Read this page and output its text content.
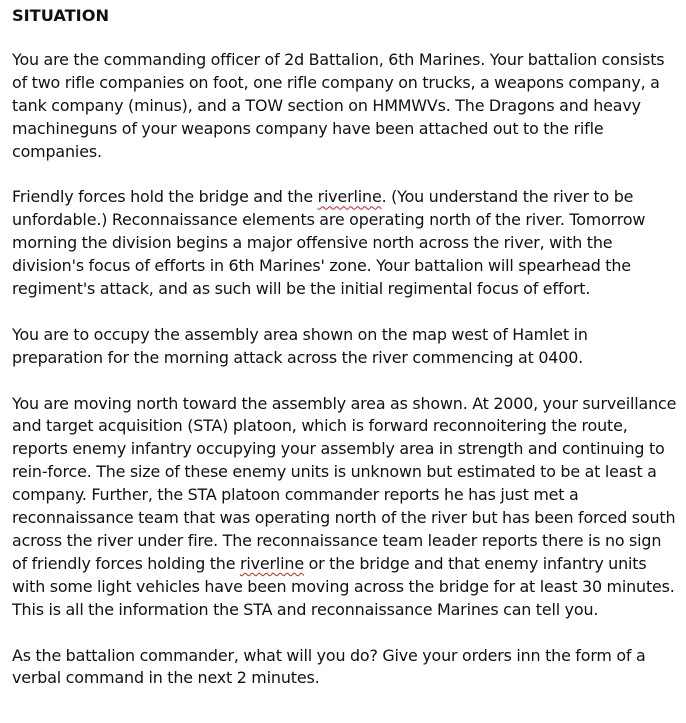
SITUATION

You are the commanding officer of 2d Battalion, 6th Marines. Your battalion consists of two rifle companies on foot, one rifle company on trucks, a weapons company, a tank company (minus), and a TOW section on HMMWVs. The Dragons and heavy machineguns of your weapons company have been attached out to the rifle companies.

Friendly forces hold the bridge and the riverline. (You understand the river to be unfordable.) Reconnaissance elements are operating north of the river. Tomorrow morning the division begins a major offensive north across the river, with the division's focus of efforts in 6th Marines' zone. Your battalion will spearhead the regiment's attack, and as such will be the initial regimental focus of effort.

You are to occupy the assembly area shown on the map west of Hamlet in preparation for the morning attack across the river commencing at 0400.

You are moving north toward the assembly area as shown. At 2000, your surveillance and target acquisition (STA) platoon, which is forward reconnoitering the route, reports enemy infantry occupying your assembly area in strength and continuing to rein-force. The size of these enemy units is unknown but estimated to be at least a company. Further, the STA platoon commander reports he has just met a reconnaissance team that was operating north of the river but has been forced south across the river under fire. The reconnaissance team leader reports there is no sign of friendly forces holding the riverline or the bridge and that enemy infantry units with some light vehicles have been moving across the bridge for at least 30 minutes. This is all the information the STA and reconnaissance Marines can tell you.

As the battalion commander, what will you do? Give your orders inn the form of a verbal command in the next 2 minutes.
